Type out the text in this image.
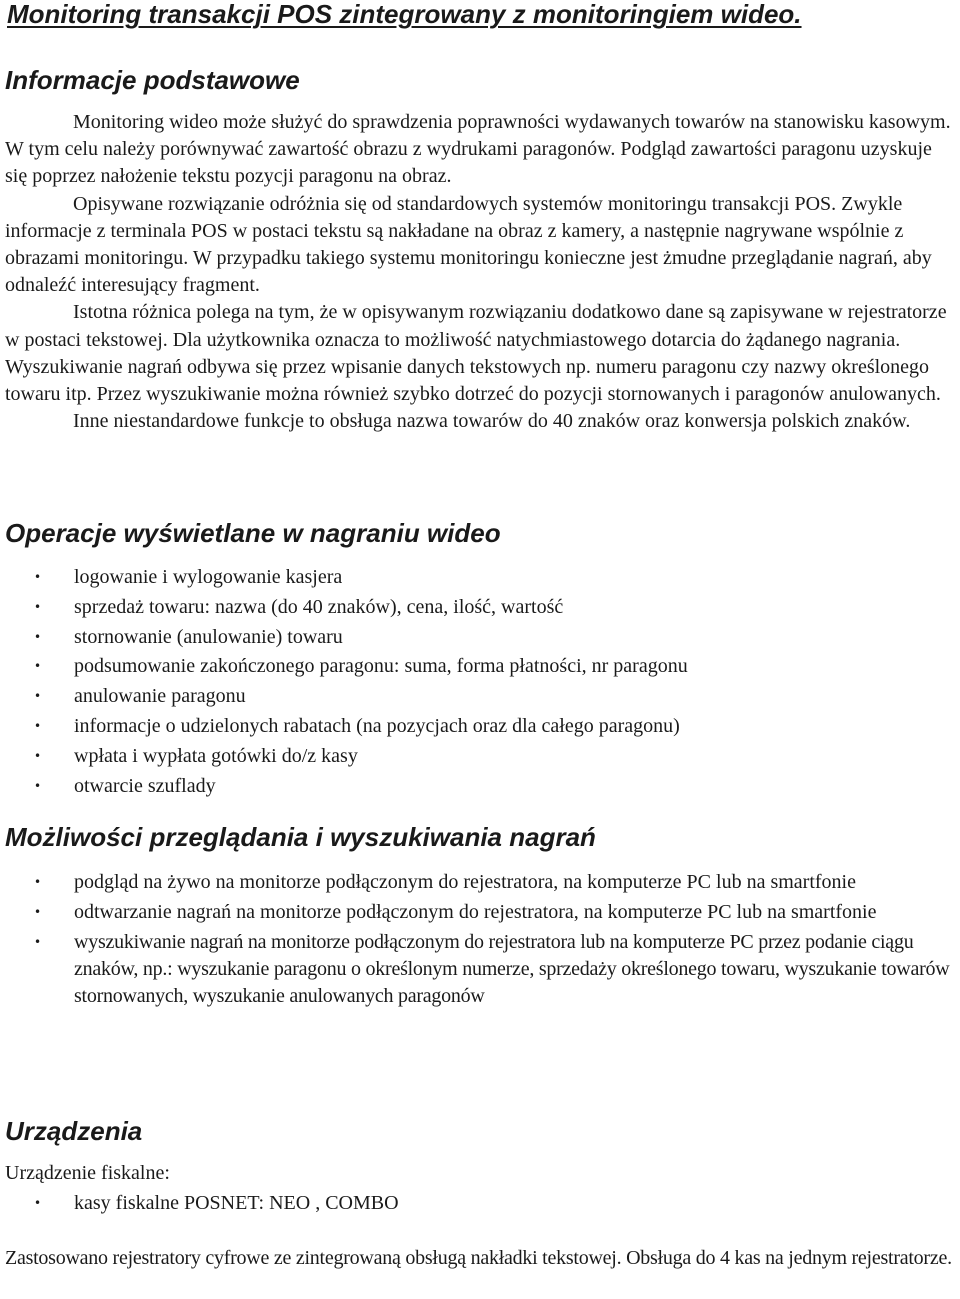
Monitoring transakcji POS zintegrowany z monitoringiem wideo.
Informacje podstawowe

Monitoring wideo może służyć do sprawdzenia poprawności wydawanych towarów na stanowisku kasowym. W tym celu należy porównywać zawartość obrazu z wydrukami paragonów. Podgląd zawartości paragonu uzyskuje się poprzez nałożenie tekstu pozycji paragonu na obraz.

Opisywane rozwiązanie odróżnia się od standardowych systemów monitoringu transakcji POS. Zwykle informacje z terminala POS w postaci tekstu są nakładane na obraz z kamery, a następnie nagrywane wspólnie z obrazami monitoringu. W przypadku takiego systemu monitoringu konieczne jest żmudne przeglądanie nagrań, aby odnaleźć interesujący fragment.

Istotna różnica polega na tym, że w opisywanym rozwiązaniu dodatkowo dane są zapisywane w rejestratorze w postaci tekstowej. Dla użytkownika oznacza to możliwość natychmiastowego dotarcia do żądanego nagrania. Wyszukiwanie nagrań odbywa się przez wpisanie danych tekstowych np. numeru paragonu czy nazwy określonego towaru itp. Przez wyszukiwanie można również szybko dotrzeć do pozycji stornowanych i paragonów anulowanych.

Inne niestandardowe funkcje to obsługa nazwa towarów do 40 znaków oraz konwersja polskich znaków.

Operacje wyświetlane w nagraniu wideo
• logowanie i wylogowanie kasjera
• sprzedaż towaru: nazwa (do 40 znaków), cena, ilość, wartość
• stornowanie (anulowanie) towaru
• podsumowanie zakończonego paragonu: suma, forma płatności, nr paragonu
• anulowanie paragonu
• informacje o udzielonych rabatach (na pozycjach oraz dla całego paragonu)
• wpłata i wypłata gotówki do/z kasy
• otwarcie szuflady
Możliwości przeglądania i wyszukiwania nagrań
• podgląd na żywo na monitorze podłączonym do rejestratora, na komputerze PC lub na smartfonie
• odtwarzanie nagrań na monitorze podłączonym do rejestratora, na komputerze PC lub na smartfonie
• wyszukiwanie nagrań na monitorze podłączonym do rejestratora lub na komputerze PC przez podanie ciągu znaków, np.: wyszukanie paragonu o określonym numerze, sprzedaży określonego towaru, wyszukanie towarów stornowanych, wyszukanie anulowanych paragonów
Urządzenia

Urządzenie fiskalne:

• kasy fiskalne POSNET: NEO , COMBO

Zastosowano rejestratory cyfrowe ze zintegrowaną obsługą nakładki tekstowej. Obsługa do 4 kas na jednym rejestratorze.
